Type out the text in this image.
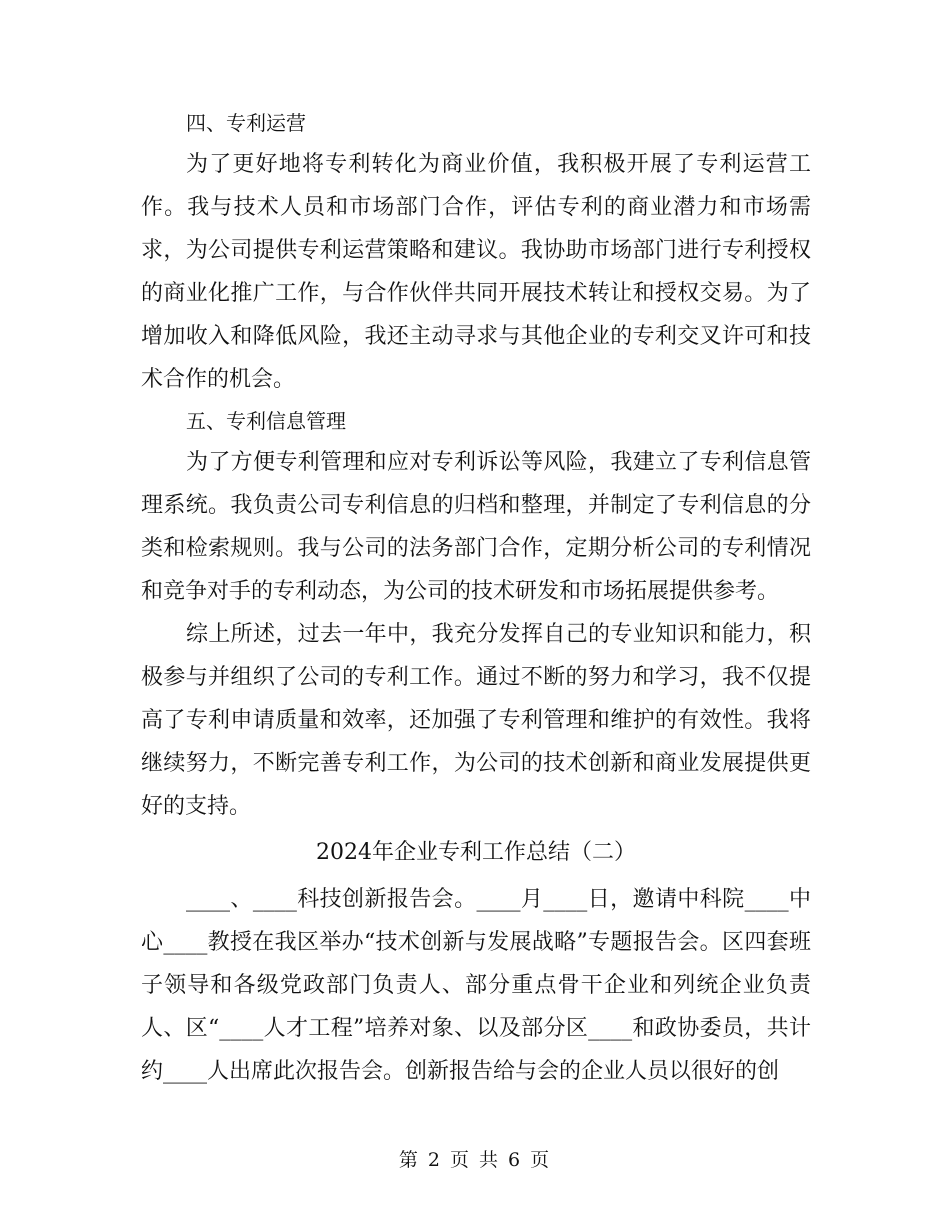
四、专利运营

为了更好地将专利转化为商业价值，我积极开展了专利运营工作。我与技术人员和市场部门合作，评估专利的商业潜力和市场需求，为公司提供专利运营策略和建议。我协助市场部门进行专利授权的商业化推广工作，与合作伙伴共同开展技术转让和授权交易。为了增加收入和降低风险，我还主动寻求与其他企业的专利交叉许可和技术合作的机会。

五、专利信息管理

为了方便专利管理和应对专利诉讼等风险，我建立了专利信息管理系统。我负责公司专利信息的归档和整理，并制定了专利信息的分类和检索规则。我与公司的法务部门合作，定期分析公司的专利情况和竞争对手的专利动态，为公司的技术研发和市场拓展提供参考。

综上所述，过去一年中，我充分发挥自己的专业知识和能力，积极参与并组织了公司的专利工作。通过不断的努力和学习，我不仅提高了专利申请质量和效率，还加强了专利管理和维护的有效性。我将继续努力，不断完善专利工作，为公司的技术创新和商业发展提供更好的支持。

2024年企业专利工作总结（二）

____、____科技创新报告会。____月____日，邀请中科院____中心____教授在我区举办“技术创新与发展战略”专题报告会。区四套班子领导和各级党政部门负责人、部分重点骨干企业和列统企业负责人、区“____人才工程”培养对象、以及部分区____和政协委员，共计约____人出席此次报告会。创新报告给与会的企业人员以很好的创

第 2 页 共 6 页
